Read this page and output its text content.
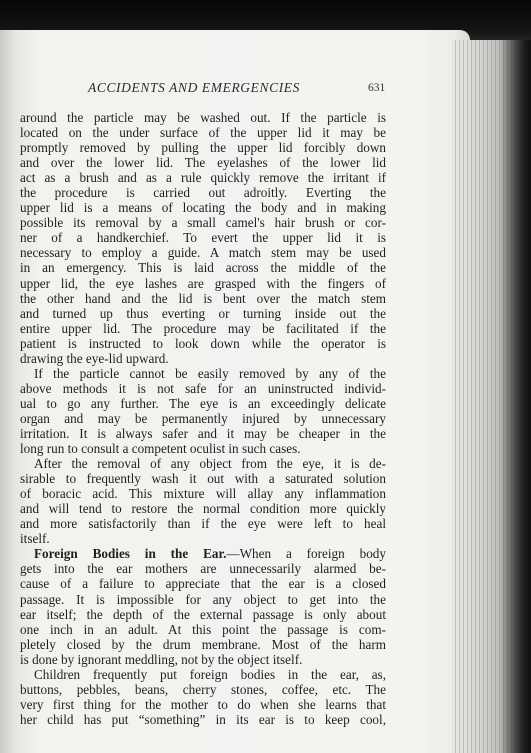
ACCIDENTS AND EMERGENCIES	631
around the particle may be washed out. If the particle is
located on the under surface of the upper lid it may be
promptly removed by pulling the upper lid forcibly down
and over the lower lid. The eyelashes of the lower lid
act as a brush and as a rule quickly remove the irritant if
the procedure is carried out adroitly. Everting the
upper lid is a means of locating the body and in making
possible its removal by a small camel's hair brush or cor-
ner of a handkerchief. To evert the upper lid it is
necessary to employ a guide. A match stem may be used
in an emergency. This is laid across the middle of the
upper lid, the eye lashes are grasped with the fingers of
the other hand and the lid is bent over the match stem
and turned up thus everting or turning inside out the
entire upper lid. The procedure may be facilitated if the
patient is instructed to look down while the operator is
drawing the eye-lid upward.
If the particle cannot be easily removed by any of the
above methods it is not safe for an uninstructed individ-
ual to go any further. The eye is an exceedingly delicate
organ and may be permanently injured by unnecessary
irritation. It is always safer and it may be cheaper in the
long run to consult a competent oculist in such cases.
After the removal of any object from the eye, it is de-
sirable to frequently wash it out with a saturated solution
of boracic acid. This mixture will allay any inflammation
and will tend to restore the normal condition more quickly
and more satisfactorily than if the eye were left to heal
itself.
Foreign Bodies in the Ear.—When a foreign body
gets into the ear mothers are unnecessarily alarmed be-
cause of a failure to appreciate that the ear is a closed
passage. It is impossible for any object to get into the
ear itself; the depth of the external passage is only about
one inch in an adult. At this point the passage is com-
pletely closed by the drum membrane. Most of the harm
is done by ignorant meddling, not by the object itself.
Children frequently put foreign bodies in the ear, as,
buttons, pebbles, beans, cherry stones, coffee, etc. The
very first thing for the mother to do when she learns that
her child has put “something” in its ear is to keep cool,
